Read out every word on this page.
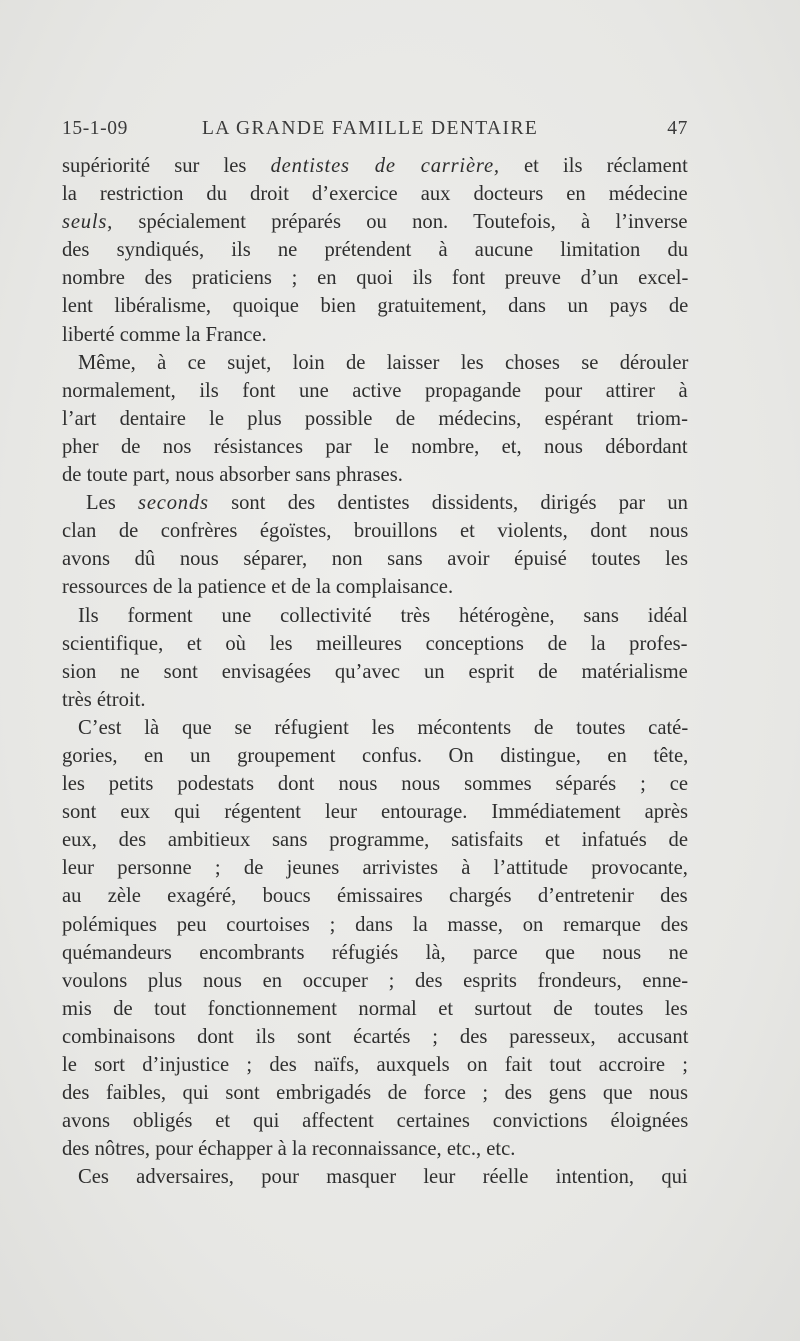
15-1-09	LA GRANDE FAMILLE DENTAIRE	47
supériorité sur les dentistes de carrière, et ils réclament
la restriction du droit d’exercice aux docteurs en médecine
seuls, spécialement préparés ou non. Toutefois, à l’inverse
des syndiqués, ils ne prétendent à aucune limitation du
nombre des praticiens ; en quoi ils font preuve d’un excel-
lent libéralisme, quoique bien gratuitement, dans un pays de
liberté comme la France.
Même, à ce sujet, loin de laisser les choses se dérouler
normalement, ils font une active propagande pour attirer à
l’art dentaire le plus possible de médecins, espérant triom-
pher de nos résistances par le nombre, et, nous débordant
de toute part, nous absorber sans phrases.
Les seconds sont des dentistes dissidents, dirigés par un
clan de confrères égoïstes, brouillons et violents, dont nous
avons dû nous séparer, non sans avoir épuisé toutes les
ressources de la patience et de la complaisance.
Ils forment une collectivité très hétérogène, sans idéal
scientifique, et où les meilleures conceptions de la profes-
sion ne sont envisagées qu’avec un esprit de matérialisme
très étroit.
C’est là que se réfugient les mécontents de toutes caté-
gories, en un groupement confus. On distingue, en tête,
les petits podestats dont nous nous sommes séparés ; ce
sont eux qui régentent leur entourage. Immédiatement après
eux, des ambitieux sans programme, satisfaits et infatués de
leur personne ; de jeunes arrivistes à l’attitude provocante,
au zèle exagéré, boucs émissaires chargés d’entretenir des
polémiques peu courtoises ; dans la masse, on remarque des
quémandeurs encombrants réfugiés là, parce que nous ne
voulons plus nous en occuper ; des esprits frondeurs, enne-
mis de tout fonctionnement normal et surtout de toutes les
combinaisons dont ils sont écartés ; des paresseux, accusant
le sort d’injustice ; des naïfs, auxquels on fait tout accroire ;
des faibles, qui sont embrigadés de force ; des gens que nous
avons obligés et qui affectent certaines convictions éloignées
des nôtres, pour échapper à la reconnaissance, etc., etc.
Ces adversaires, pour masquer leur réelle intention, qui
